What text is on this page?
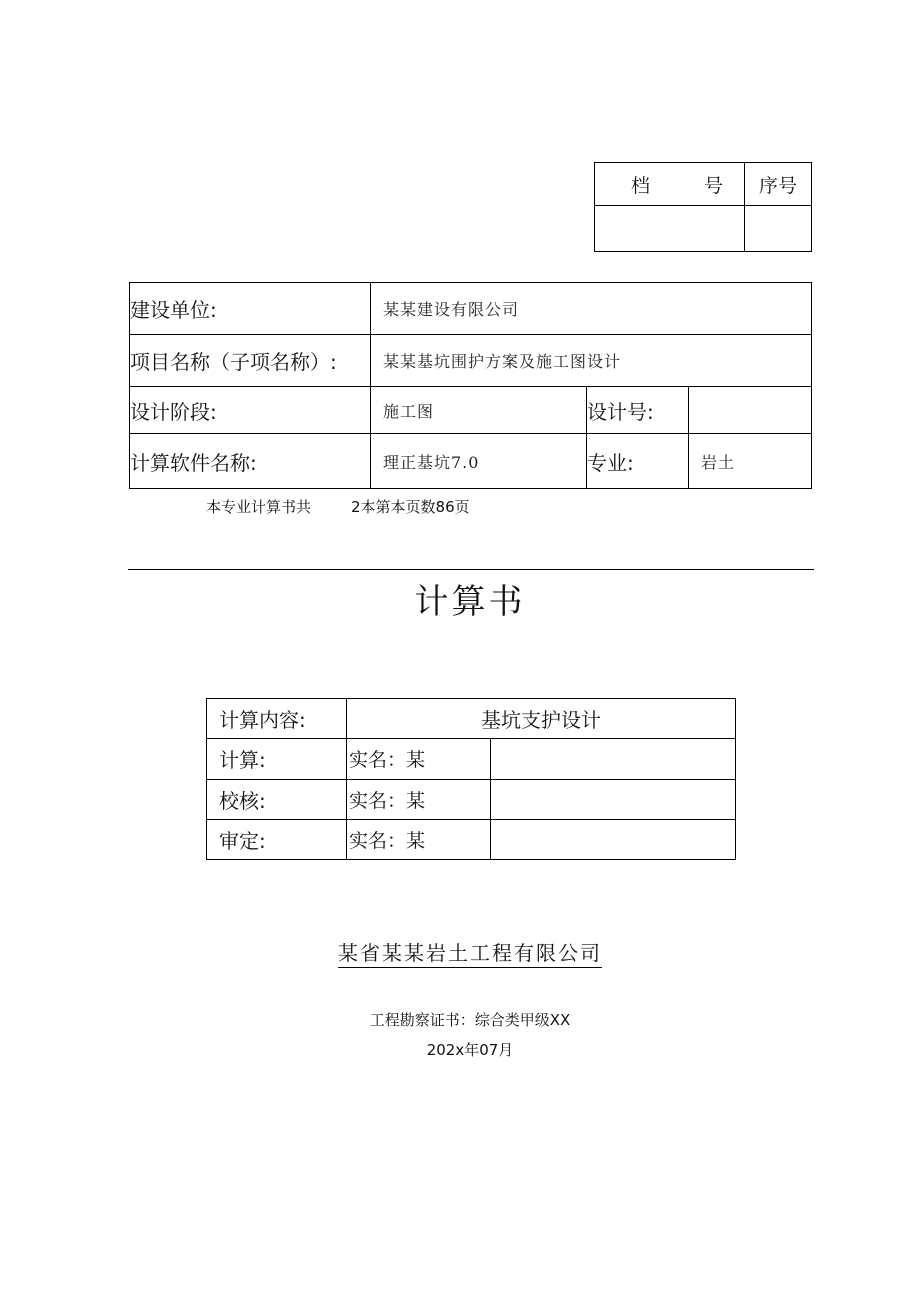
档 号	序号

建设单位:	某某建设有限公司		
项目名称（子项名称）:	某某基坑围护方案及施工图设计		
设计阶段:	施工图	设计号:	
计算软件名称:	理正基坑7.0	专业:	岩土
本专业计算书共	2本第本页数86页
计算书
计算内容:	基坑支护设计	
计算:	实名：某	
校核:	实名：某	
审定:	实名：某	
某省某某岩土工程有限公司
工程勘察证书：综合类甲级XX
202x年07月
